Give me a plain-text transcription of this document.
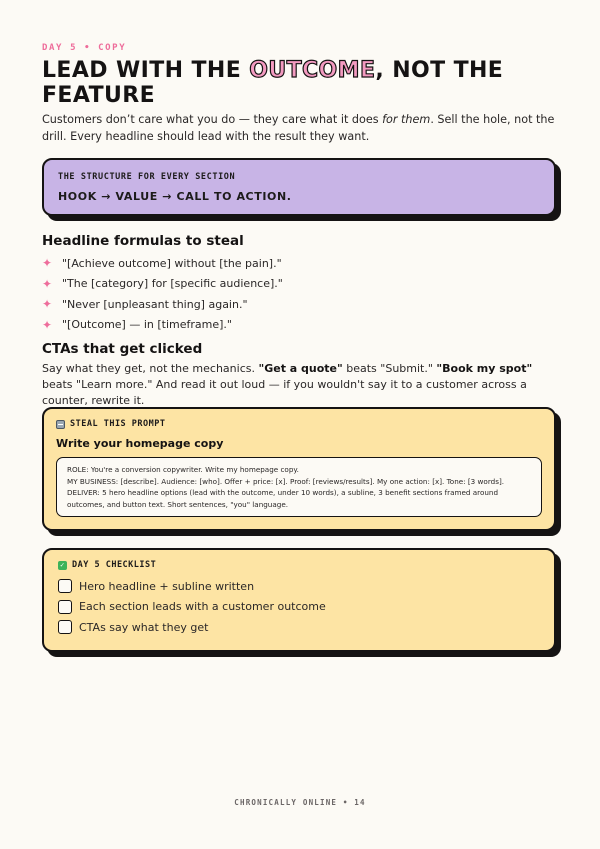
DAY 5 • COPY
LEAD WITH THE OUTCOME, NOT THE FEATURE

Customers don’t care what you do — they care what it does for them. Sell the hole, not the drill. Every headline should lead with the result they want.

THE STRUCTURE FOR EVERY SECTION
HOOK → VALUE → CALL TO ACTION.
Headline formulas to steal
✦ "[Achieve outcome] without [the pain]."
✦ "The [category] for [specific audience]."
✦ "Never [unpleasant thing] again."
✦ "[Outcome] — in [timeframe]."
CTAs that get clicked

Say what they get, not the mechanics. "Get a quote" beats "Submit." "Book my spot" beats "Learn more." And read it out loud — if you wouldn't say it to a customer across a counter, rewrite it.

STEAL THIS PROMPT
Write your homepage copy
ROLE: You're a conversion copywriter. Write my homepage copy.
MY BUSINESS: [describe]. Audience: [who]. Offer + price: [x]. Proof: [reviews/results]. My one action: [x]. Tone: [3 words].
DELIVER: 5 hero headline options (lead with the outcome, under 10 words), a subline, 3 benefit sections framed around outcomes, and button text. Short sentences, "you" language.
✓ DAY 5 CHECKLIST
Hero headline + subline written
Each section leads with a customer outcome
CTAs say what they get
CHRONICALLY ONLINE • 14
